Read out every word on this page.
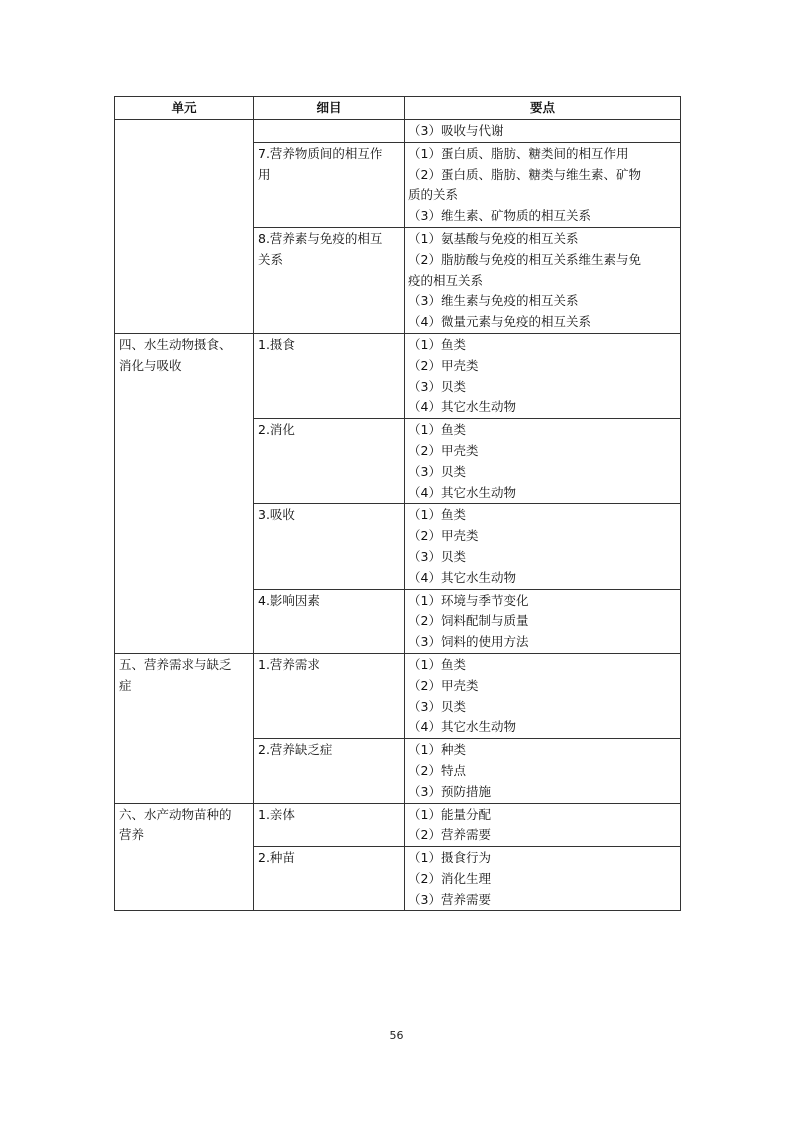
单元	细目	要点

		（3）吸收与代谢

	7.营养物质间的相互作
用	（1）蛋白质、脂肪、糖类间的相互作用
（2）蛋白质、脂肪、糖类与维生素、矿物
质的关系
（3）维生素、矿物质的相互关系

	8.营养素与免疫的相互
关系	（1）氨基酸与免疫的相互关系
（2）脂肪酸与免疫的相互关系维生素与免
疫的相互关系
（3）维生素与免疫的相互关系
（4）微量元素与免疫的相互关系

四、水生动物摄食、
消化与吸收	1.摄食	（1）鱼类
（2）甲壳类
（3）贝类
（4）其它水生动物

	2.消化	（1）鱼类
（2）甲壳类
（3）贝类
（4）其它水生动物

	3.吸收	（1）鱼类
（2）甲壳类
（3）贝类
（4）其它水生动物

	4.影响因素	（1）环境与季节变化
（2）饲料配制与质量
（3）饲料的使用方法

五、营养需求与缺乏
症	1.营养需求	（1）鱼类
（2）甲壳类
（3）贝类
（4）其它水生动物

	2.营养缺乏症	（1）种类
（2）特点
（3）预防措施

六、水产动物苗种的
营养	1.亲体	（1）能量分配
（2）营养需要

	2.种苗	（1）摄食行为
（2）消化生理
（3）营养需要
56
